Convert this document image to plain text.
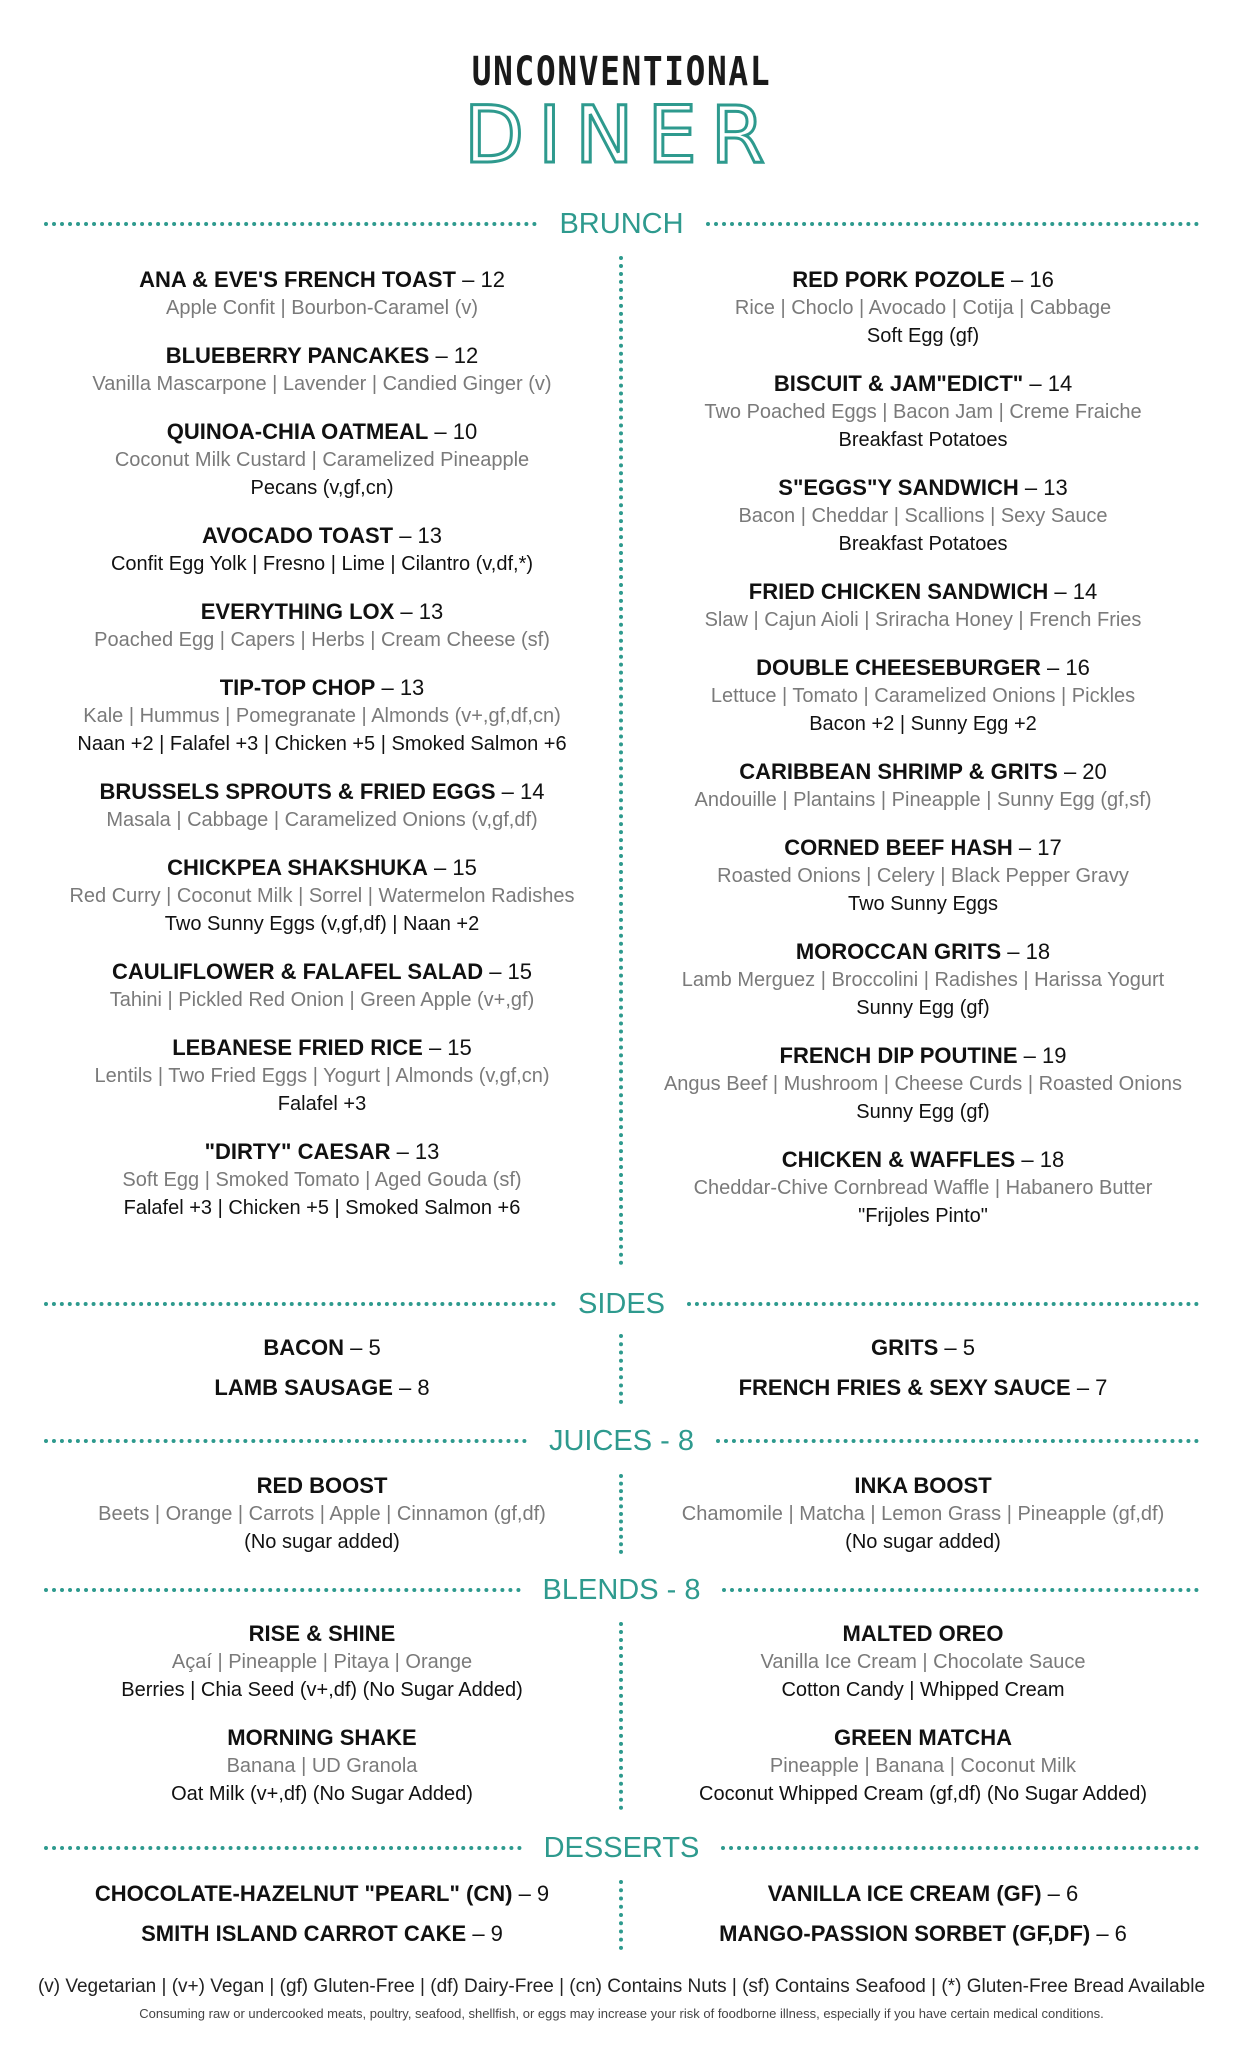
UNCONVENTIONAL
DINER
BRUNCH
ANA & EVE'S FRENCH TOAST – 12
Apple Confit | Bourbon-Caramel (v)
BLUEBERRY PANCAKES – 12
Vanilla Mascarpone | Lavender | Candied Ginger (v)
QUINOA-CHIA OATMEAL – 10
Coconut Milk Custard | Caramelized Pineapple
Pecans (v,gf,cn)
AVOCADO TOAST – 13
Confit Egg Yolk | Fresno | Lime | Cilantro (v,df,*)
EVERYTHING LOX – 13
Poached Egg | Capers | Herbs | Cream Cheese (sf)
TIP-TOP CHOP – 13
Kale | Hummus | Pomegranate | Almonds (v+,gf,df,cn)
Naan +2 | Falafel +3 | Chicken +5 | Smoked Salmon +6
BRUSSELS SPROUTS & FRIED EGGS – 14
Masala | Cabbage | Caramelized Onions (v,gf,df)
CHICKPEA SHAKSHUKA – 15
Red Curry | Coconut Milk | Sorrel | Watermelon Radishes
Two Sunny Eggs (v,gf,df) | Naan +2
CAULIFLOWER & FALAFEL SALAD – 15
Tahini | Pickled Red Onion | Green Apple (v+,gf)
LEBANESE FRIED RICE – 15
Lentils | Two Fried Eggs | Yogurt | Almonds (v,gf,cn)
Falafel +3
"DIRTY" CAESAR – 13
Soft Egg | Smoked Tomato | Aged Gouda (sf)
Falafel +3 | Chicken +5 | Smoked Salmon +6
RED PORK POZOLE – 16
Rice | Choclo | Avocado | Cotija | Cabbage
Soft Egg (gf)
BISCUIT & JAM"EDICT" – 14
Two Poached Eggs | Bacon Jam | Creme Fraiche
Breakfast Potatoes
S"EGGS"Y SANDWICH – 13
Bacon | Cheddar | Scallions | Sexy Sauce
Breakfast Potatoes
FRIED CHICKEN SANDWICH – 14
Slaw | Cajun Aioli | Sriracha Honey | French Fries
DOUBLE CHEESEBURGER – 16
Lettuce | Tomato | Caramelized Onions | Pickles
Bacon +2 | Sunny Egg +2
CARIBBEAN SHRIMP & GRITS – 20
Andouille | Plantains | Pineapple | Sunny Egg (gf,sf)
CORNED BEEF HASH – 17
Roasted Onions | Celery | Black Pepper Gravy
Two Sunny Eggs
MOROCCAN GRITS – 18
Lamb Merguez | Broccolini | Radishes | Harissa Yogurt
Sunny Egg (gf)
FRENCH DIP POUTINE – 19
Angus Beef | Mushroom | Cheese Curds | Roasted Onions
Sunny Egg (gf)
CHICKEN & WAFFLES – 18
Cheddar-Chive Cornbread Waffle | Habanero Butter
"Frijoles Pinto"
SIDES
BACON – 5
LAMB SAUSAGE – 8
GRITS – 5
FRENCH FRIES & SEXY SAUCE – 7
JUICES - 8
RED BOOST
Beets | Orange | Carrots | Apple | Cinnamon (gf,df)
(No sugar added)
INKA BOOST
Chamomile | Matcha | Lemon Grass | Pineapple (gf,df)
(No sugar added)
BLENDS - 8
RISE & SHINE
Açaí | Pineapple | Pitaya | Orange
Berries | Chia Seed (v+,df) (No Sugar Added)
MORNING SHAKE
Banana | UD Granola
Oat Milk (v+,df) (No Sugar Added)
MALTED OREO
Vanilla Ice Cream | Chocolate Sauce
Cotton Candy | Whipped Cream
GREEN MATCHA
Pineapple | Banana | Coconut Milk
Coconut Whipped Cream (gf,df) (No Sugar Added)
DESSERTS
CHOCOLATE-HAZELNUT "PEARL" (CN) – 9
SMITH ISLAND CARROT CAKE – 9
VANILLA ICE CREAM (GF) – 6
MANGO-PASSION SORBET (GF,DF) – 6
(v) Vegetarian | (v+) Vegan | (gf) Gluten-Free | (df) Dairy-Free | (cn) Contains Nuts | (sf) Contains Seafood | (*) Gluten-Free Bread Available
Consuming raw or undercooked meats, poultry, seafood, shellfish, or eggs may increase your risk of foodborne illness, especially if you have certain medical conditions.
